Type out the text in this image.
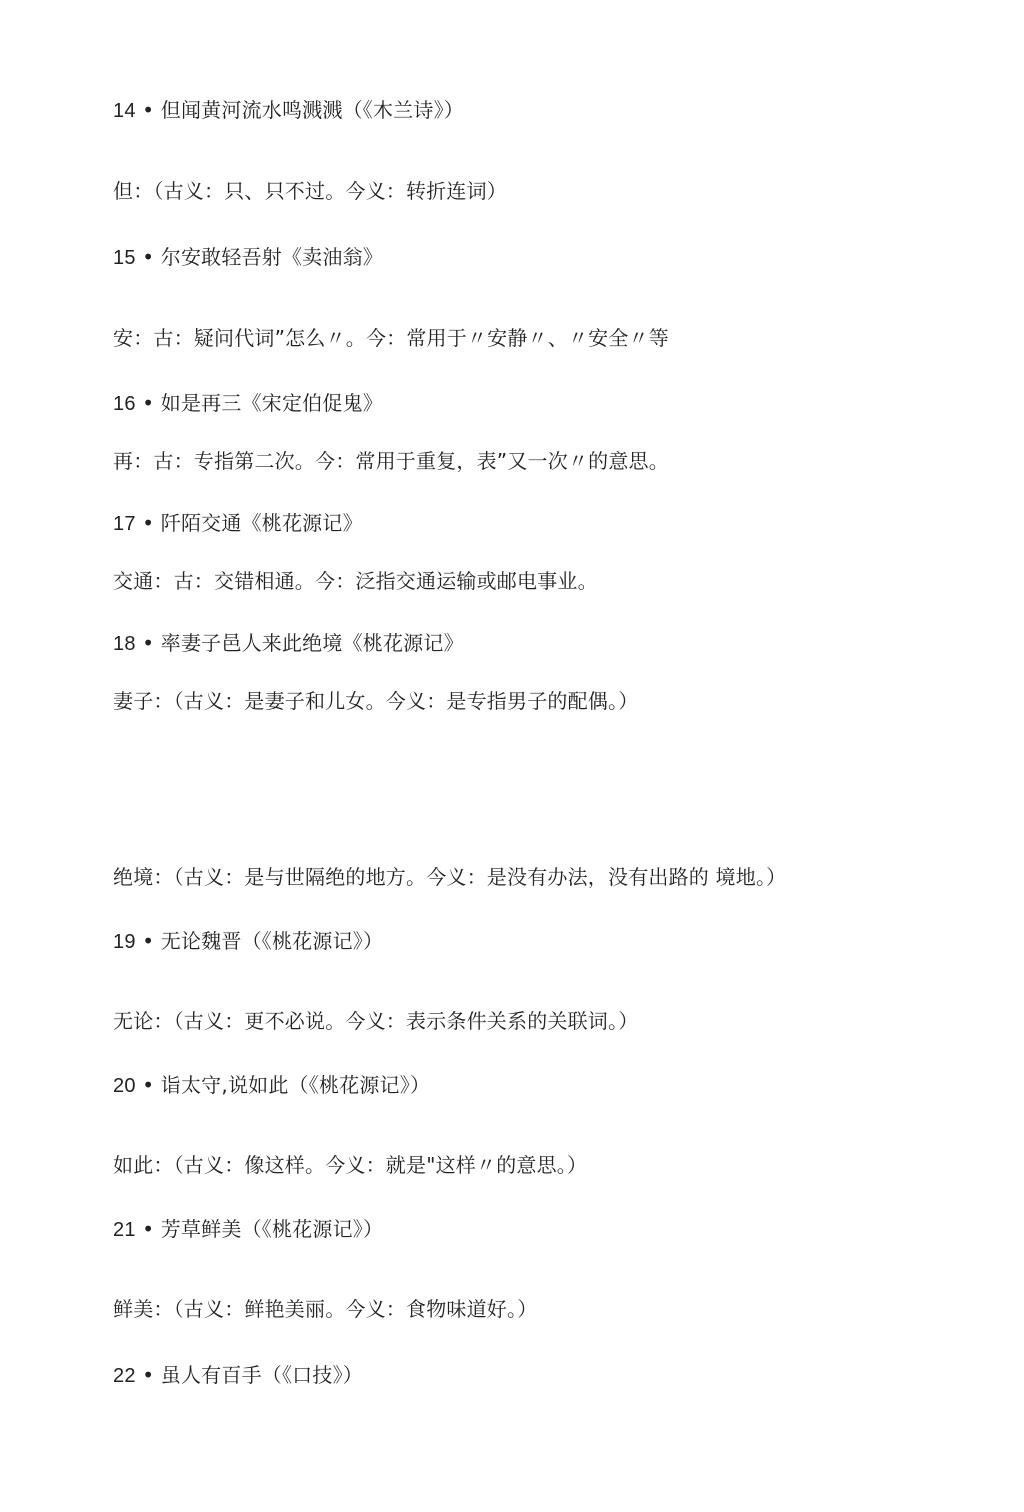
14 • 但闻黄河流水鸣溅溅（《木兰诗》）

但：（古义：只、只不过。今义：转折连词）

15 • 尔安敢轻吾射《卖油翁》

安：古：疑问代词”怎么〃。今：常用于〃安静〃、〃安全〃等

16 • 如是再三《宋定伯促鬼》

再：古：专指第二次。今：常用于重复，表”又一次〃的意思。

17 • 阡陌交通《桃花源记》

交通：古：交错相通。今：泛指交通运输或邮电事业。

18 • 率妻子邑人来此绝境《桃花源记》

妻子：（古义：是妻子和儿女。今义：是专指男子的配偶。）

绝境：（古义：是与世隔绝的地方。今义：是没有办法，没有出路的 境地。）

19 • 无论魏晋（《桃花源记》）

无论：（古义：更不必说。今义：表示条件关系的关联词。）

20 • 诣太守,说如此（《桃花源记》）

如此：（古义：像这样。今义：就是"这样〃的意思。）

21 • 芳草鲜美（《桃花源记》）

鲜美：（古义：鲜艳美丽。今义：食物味道好。）

22 • 虽人有百手（《口技》）
